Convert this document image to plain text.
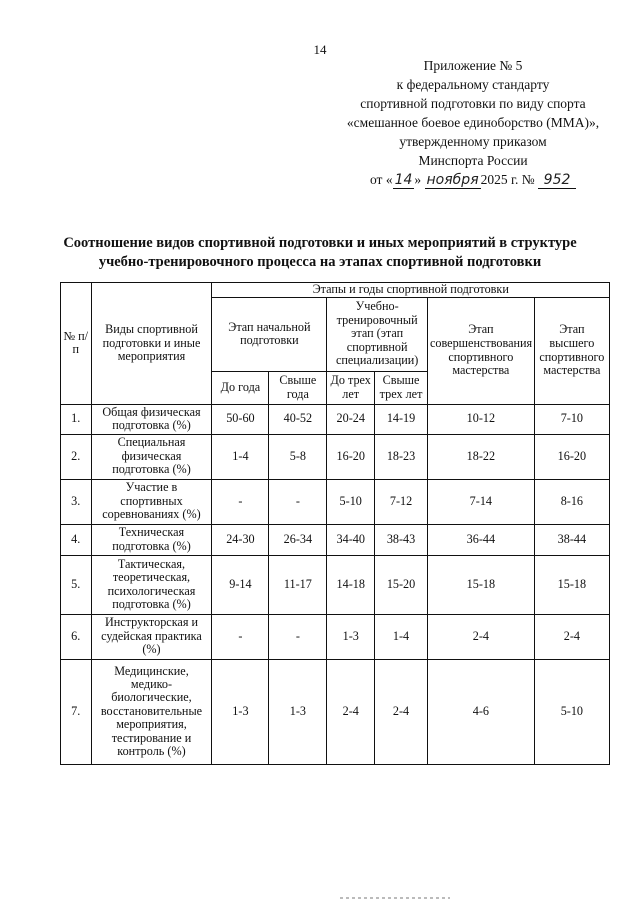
14
Приложение № 5
к федеральному стандарту
спортивной подготовки по виду спорта
«смешанное боевое единоборство (ММА)»,
утвержденному приказом
Минспорта России
от « 14 » ноября 2025 г. № 952
Соотношение видов спортивной подготовки и иных мероприятий в структуре
учебно-тренировочного процесса на этапах спортивной подготовки
№ п/п	Виды спортивной подготовки и иные мероприятия	Этапы и годы спортивной подготовки					
		Этап начальной подготовки		Учебно-тренировочный этап (этап спортивной специализации)		Этап совершенствования спортивного мастерства	Этап высшего спортивного мастерства
		До года	Свыше года	До трех лет	Свыше трех лет		
1.	Общая физическая подготовка (%)	50-60	40-52	20-24	14-19	10-12	7-10
2.	Специальная физическая подготовка (%)	1-4	5-8	16-20	18-23	18-22	16-20
3.	Участие в спортивных соревнованиях (%)	-	-	5-10	7-12	7-14	8-16
4.	Техническая подготовка (%)	24-30	26-34	34-40	38-43	36-44	38-44
5.	Тактическая, теоретическая, психологическая подготовка (%)	9-14	11-17	14-18	15-20	15-18	15-18
6.	Инструкторская и судейская практика (%)	-	-	1-3	1-4	2-4	2-4
7.	Медицинские, медико-биологические, восстановительные мероприятия, тестирование и контроль (%)	1-3	1-3	2-4	2-4	4-6	5-10
